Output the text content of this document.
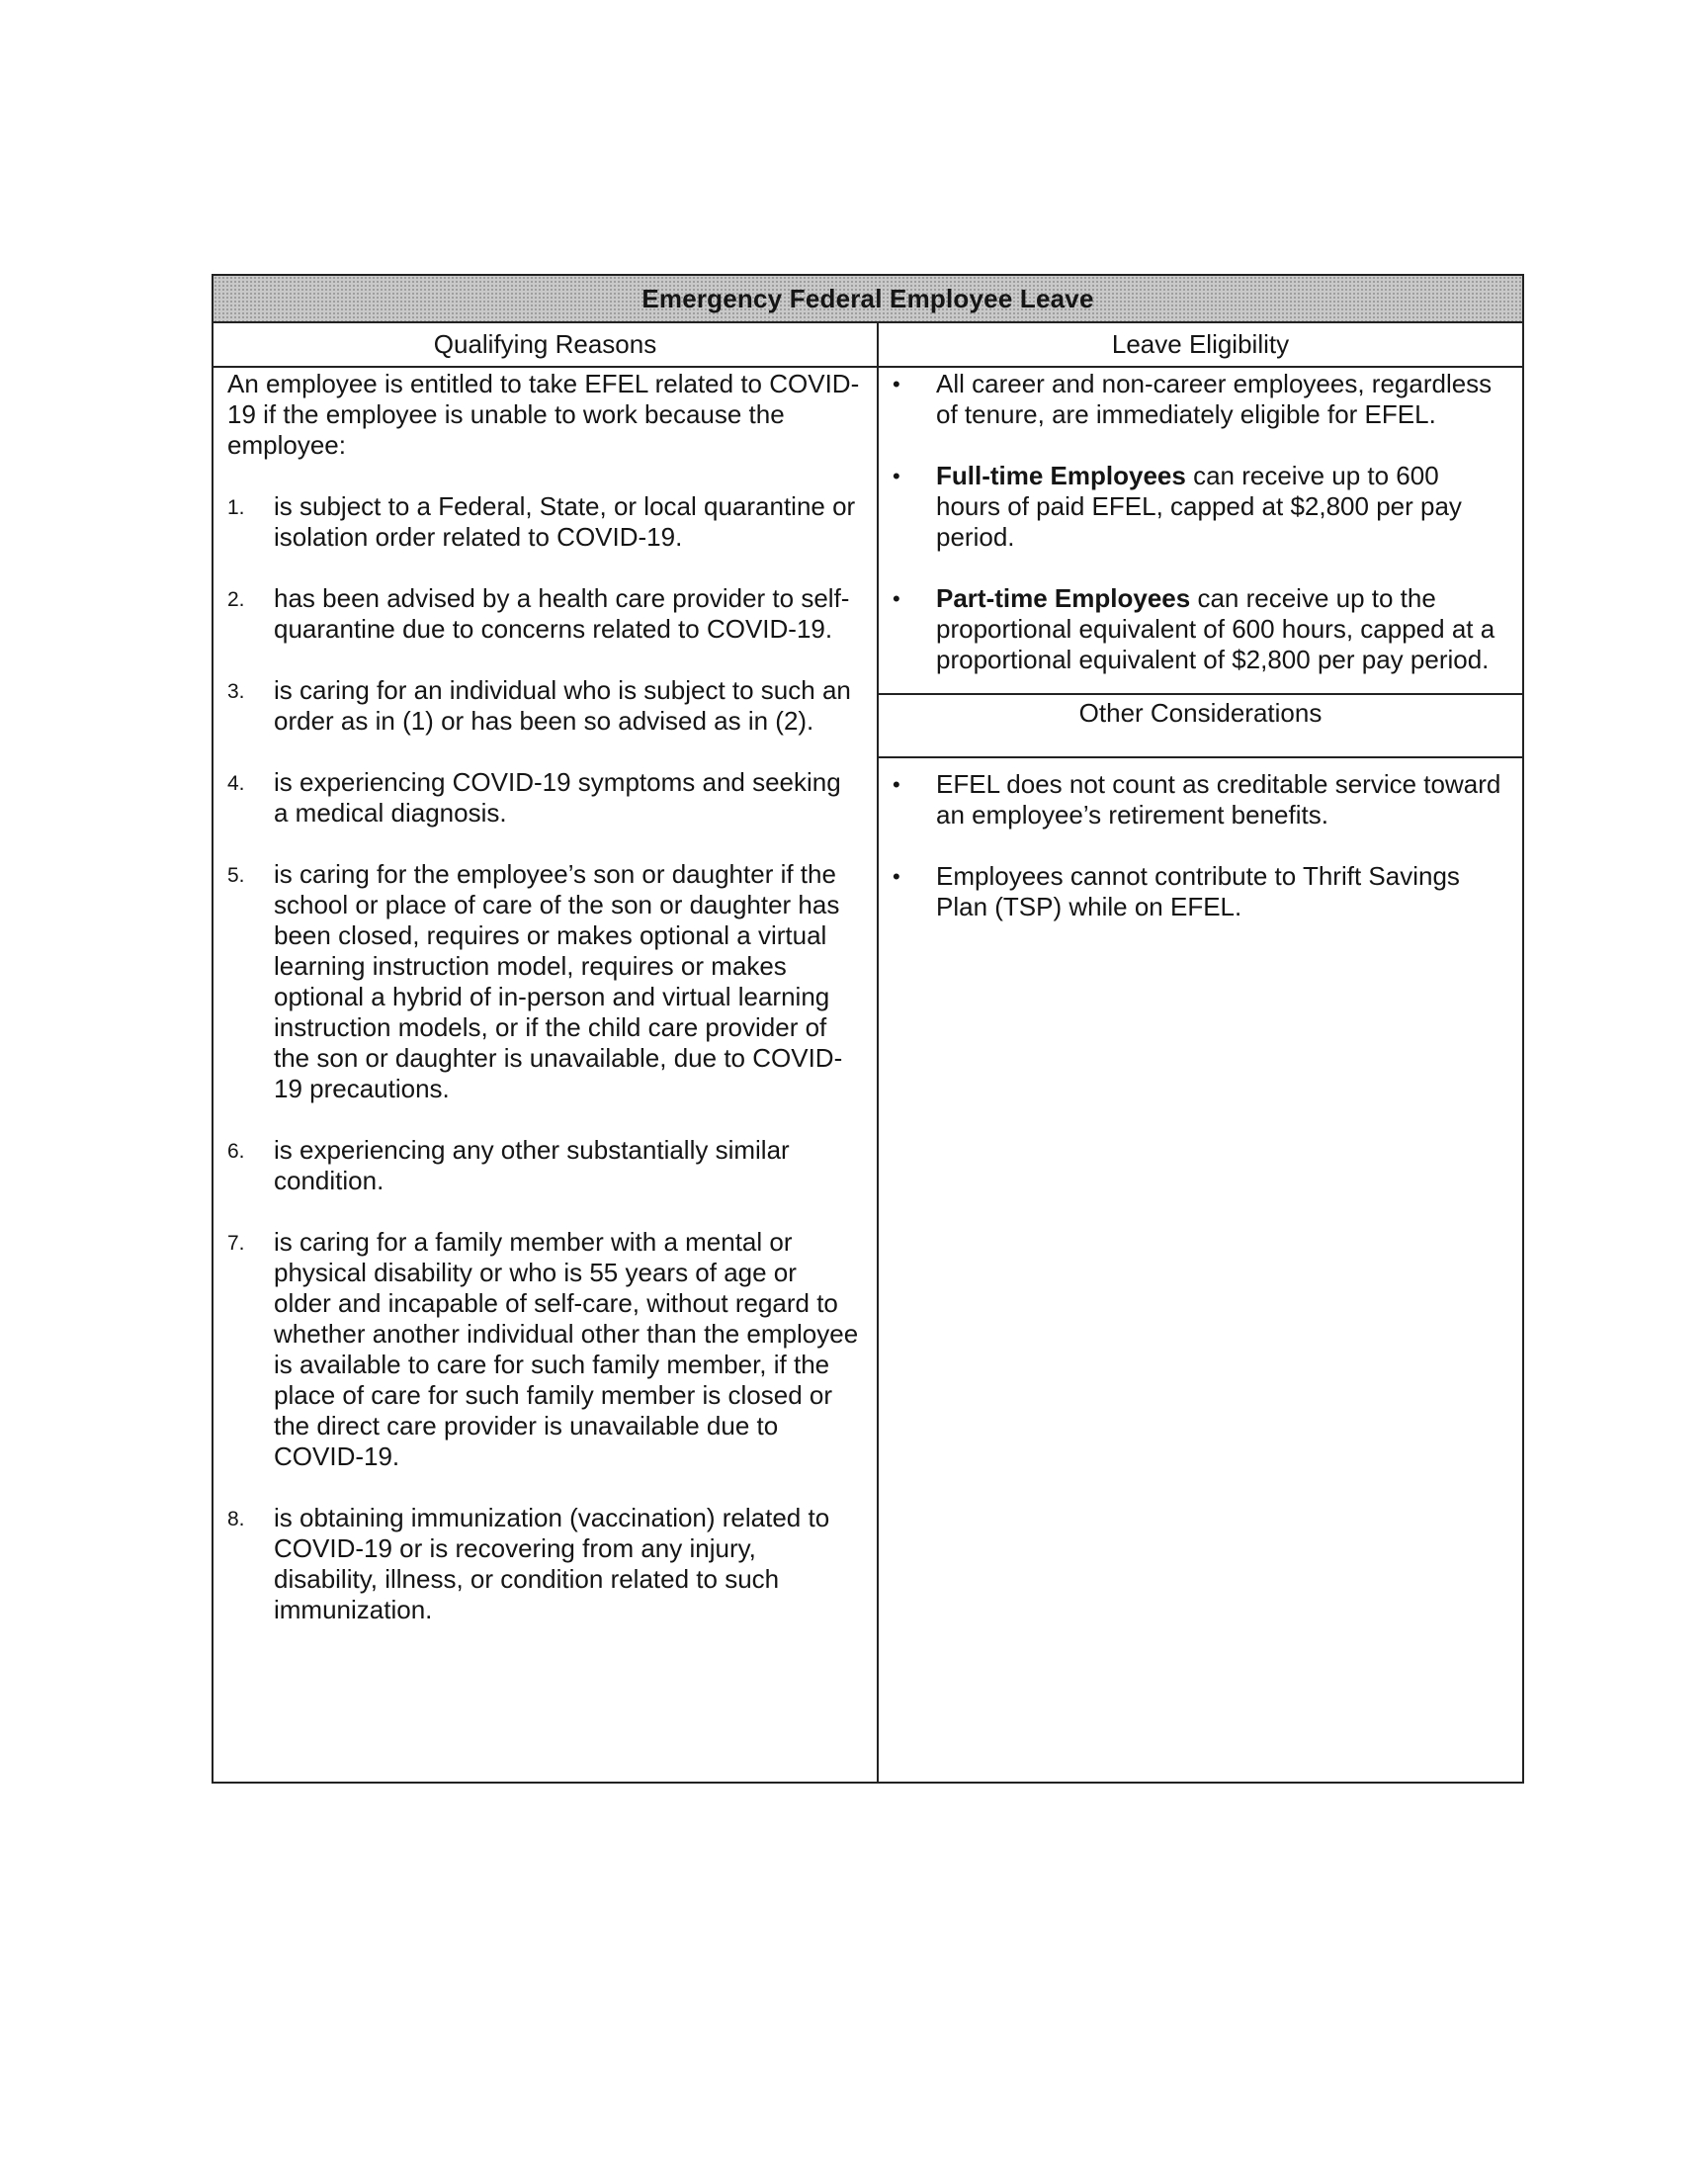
Emergency Federal Employee Leave
Qualifying Reasons	Leave Eligibility

An employee is entitled to take EFEL related to COVID-19 if the employee is unable to work because the employee:

1. is subject to a Federal, State, or local quarantine or isolation order related to COVID-19.
2. has been advised by a health care provider to self-quarantine due to concerns related to COVID-19.
3. is caring for an individual who is subject to such an order as in (1) or has been so advised as in (2).
4. is experiencing COVID-19 symptoms and seeking a medical diagnosis.
5. is caring for the employee’s son or daughter if the school or place of care of the son or daughter has been closed, requires or makes optional a virtual learning instruction model, requires or makes optional a hybrid of in-person and virtual learning instruction models, or if the child care provider of the son or daughter is unavailable, due to COVID-19 precautions.
6. is experiencing any other substantially similar condition.
7. is caring for a family member with a mental or physical disability or who is 55 years of age or older and incapable of self-care, without regard to whether another individual other than the employee is available to care for such family member, if the place of care for such family member is closed or the direct care provider is unavailable due to COVID-19.
8. is obtaining immunization (vaccination) related to COVID-19 or is recovering from any injury, disability, illness, or condition related to such immunization.
• All career and non-career employees, regardless of tenure, are immediately eligible for EFEL.
• Full-time Employees can receive up to 600 hours of paid EFEL, capped at $2,800 per pay period.
• Part-time Employees can receive up to the proportional equivalent of 600 hours, capped at a proportional equivalent of $2,800 per pay period.
Other Considerations
• EFEL does not count as creditable service toward an employee’s retirement benefits.
• Employees cannot contribute to Thrift Savings Plan (TSP) while on EFEL.
